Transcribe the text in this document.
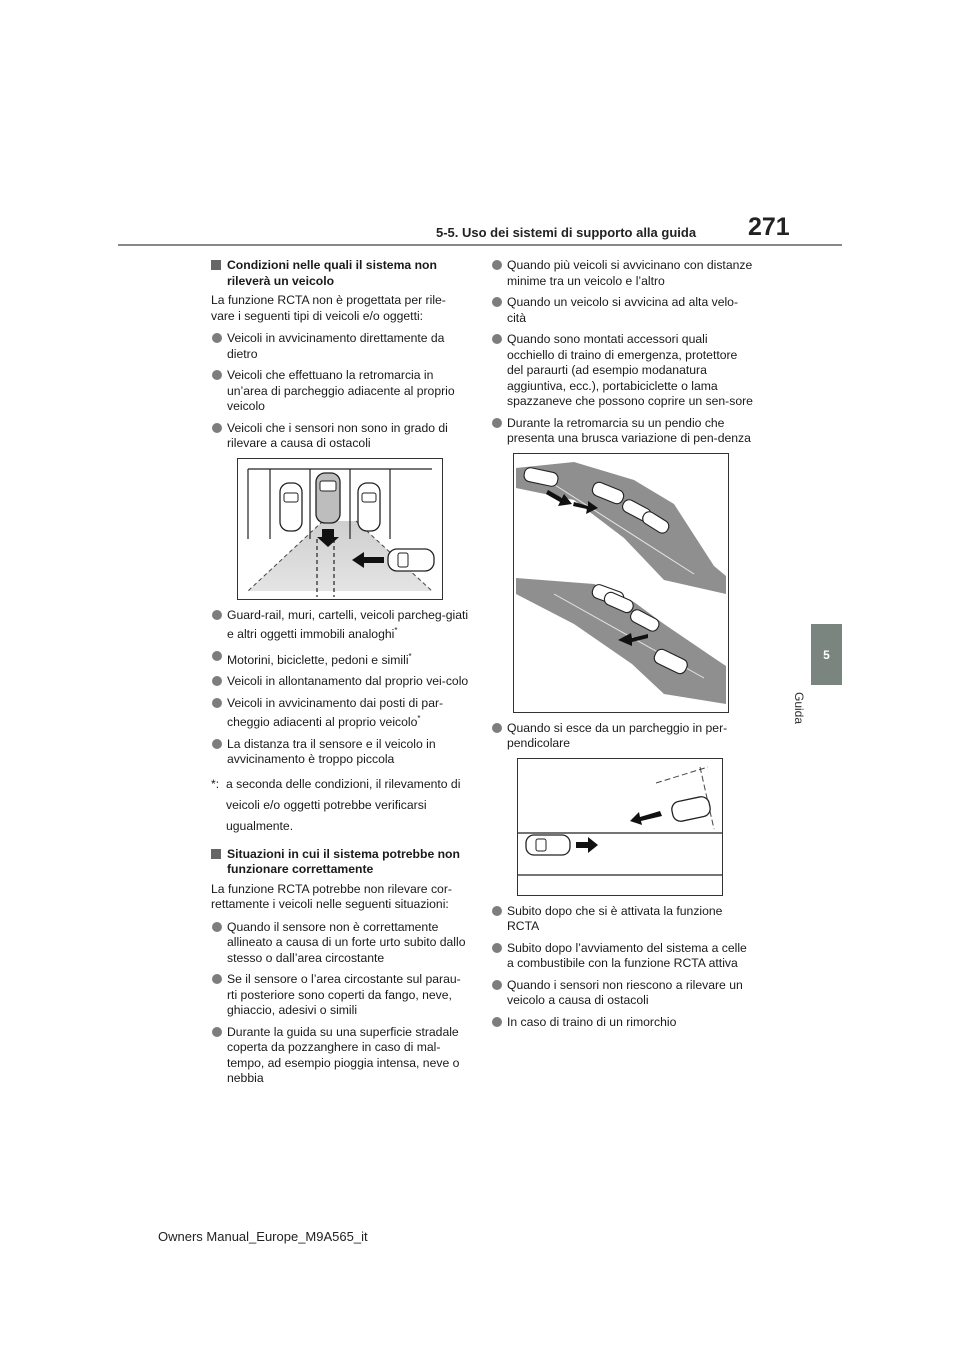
5-5. Uso dei sistemi di supporto alla guida 271
5
Guida

Condizioni nelle quali il sistema non rileverà un veicolo

La funzione RCTA non è progettata per rile-vare i seguenti tipi di veicoli e/o oggetti:

Veicoli in avvicinamento direttamente da dietro

Veicoli che effettuano la retromarcia in un’area di parcheggio adiacente al proprio veicolo

Veicoli che i sensori non sono in grado di rilevare a causa di ostacoli

Guard-rail, muri, cartelli, veicoli parcheg-giati e altri oggetti immobili analoghi*

Motorini, biciclette, pedoni e simili*

Veicoli in allontanamento dal proprio vei-colo

Veicoli in avvicinamento dai posti di par-cheggio adiacenti al proprio veicolo*

La distanza tra il sensore e il veicolo in avvicinamento è troppo piccola

*: a seconda delle condizioni, il rilevamento di veicoli e/o oggetti potrebbe verificarsi ugualmente.

Situazioni in cui il sistema potrebbe non funzionare correttamente

La funzione RCTA potrebbe non rilevare cor-rettamente i veicoli nelle seguenti situazioni:

Quando il sensore non è correttamente allineato a causa di un forte urto subito dallo stesso o dall’area circostante

Se il sensore o l’area circostante sul parau-rti posteriore sono coperti da fango, neve, ghiaccio, adesivi o simili

Durante la guida su una superficie stradale coperta da pozzanghere in caso di mal-tempo, ad esempio pioggia intensa, neve o nebbia

Quando più veicoli si avvicinano con distanze minime tra un veicolo e l’altro

Quando un veicolo si avvicina ad alta velo-cità

Quando sono montati accessori quali occhiello di traino di emergenza, protettore del paraurti (ad esempio modanatura aggiuntiva, ecc.), portabiciclette o lama spazzaneve che possono coprire un sen-sore

Durante la retromarcia su un pendio che presenta una brusca variazione di pen-denza

Quando si esce da un parcheggio in per-pendicolare

Subito dopo che si è attivata la funzione RCTA

Subito dopo l’avviamento del sistema a celle a combustibile con la funzione RCTA attiva

Quando i sensori non riescono a rilevare un veicolo a causa di ostacoli

In caso di traino di un rimorchio

Owners Manual_Europe_M9A565_it
